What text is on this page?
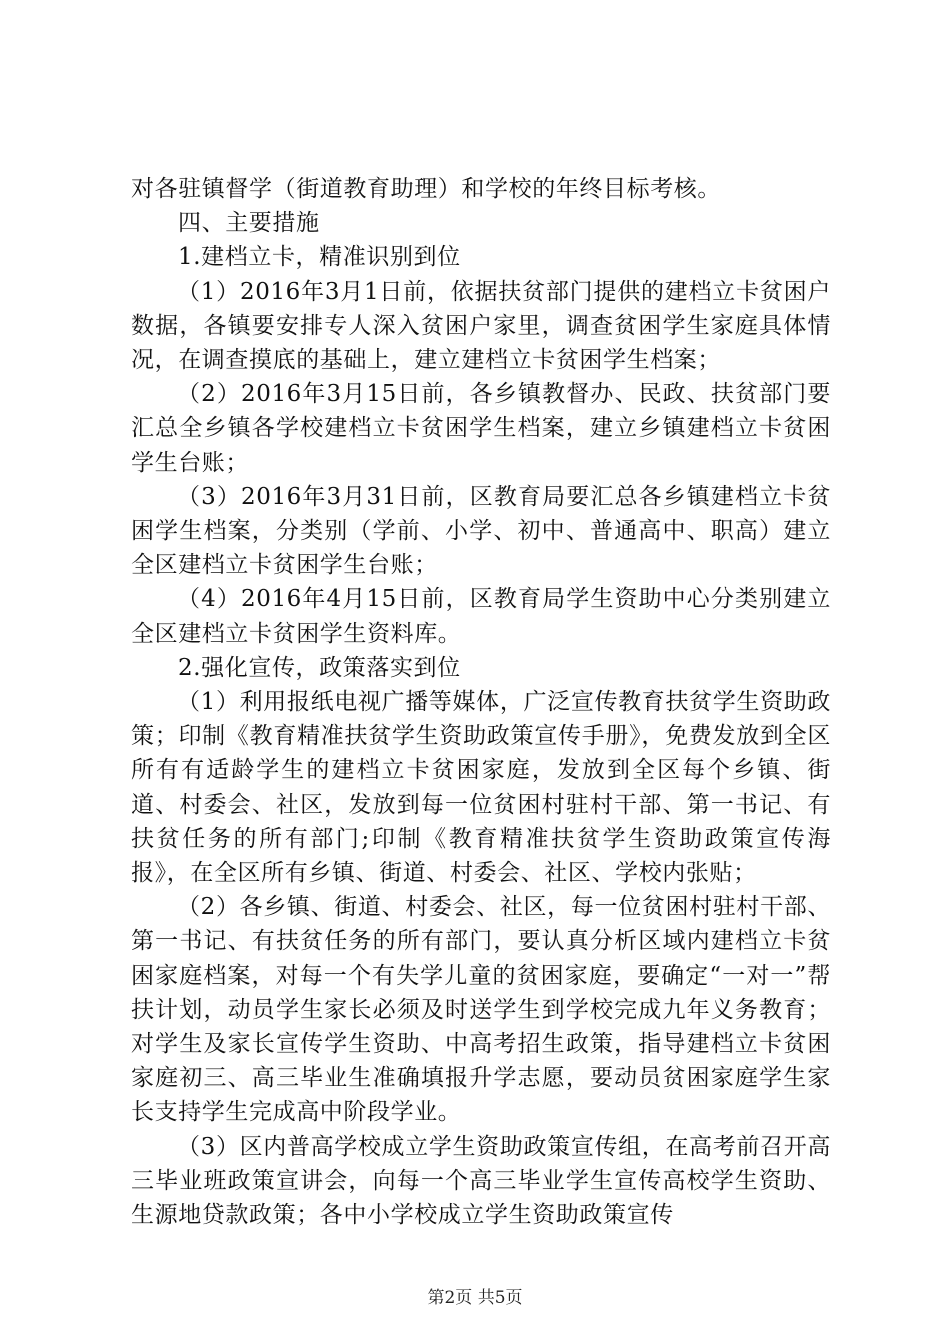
对各驻镇督学（街道教育助理）和学校的年终目标考核。

四、主要措施

1.建档立卡，精准识别到位

（1）2016年3月1日前，依据扶贫部门提供的建档立卡贫困户数据，各镇要安排专人深入贫困户家里，调查贫困学生家庭具体情况，在调查摸底的基础上，建立建档立卡贫困学生档案；

（2）2016年3月15日前，各乡镇教督办、民政、扶贫部门要汇总全乡镇各学校建档立卡贫困学生档案，建立乡镇建档立卡贫困学生台账；

（3）2016年3月31日前，区教育局要汇总各乡镇建档立卡贫困学生档案，分类别（学前、小学、初中、普通高中、职高）建立全区建档立卡贫困学生台账；

（4）2016年4月15日前，区教育局学生资助中心分类别建立全区建档立卡贫困学生资料库。

2.强化宣传，政策落实到位

（1）利用报纸电视广播等媒体，广泛宣传教育扶贫学生资助政策；印制《教育精准扶贫学生资助政策宣传手册》，免费发放到全区所有有适龄学生的建档立卡贫困家庭，发放到全区每个乡镇、街道、村委会、社区，发放到每一位贫困村驻村干部、第一书记、有扶贫任务的所有部门;印制《教育精准扶贫学生资助政策宣传海报》，在全区所有乡镇、街道、村委会、社区、学校内张贴；

（2）各乡镇、街道、村委会、社区，每一位贫困村驻村干部、第一书记、有扶贫任务的所有部门，要认真分析区域内建档立卡贫困家庭档案，对每一个有失学儿童的贫困家庭，要确定“一对一”帮扶计划，动员学生家长必须及时送学生到学校完成九年义务教育；对学生及家长宣传学生资助、中高考招生政策，指导建档立卡贫困家庭初三、高三毕业生准确填报升学志愿，要动员贫困家庭学生家长支持学生完成高中阶段学业。

（3）区内普高学校成立学生资助政策宣传组，在高考前召开高三毕业班政策宣讲会，向每一个高三毕业学生宣传高校学生资助、生源地贷款政策；各中小学校成立学生资助政策宣传

第2页 共5页
